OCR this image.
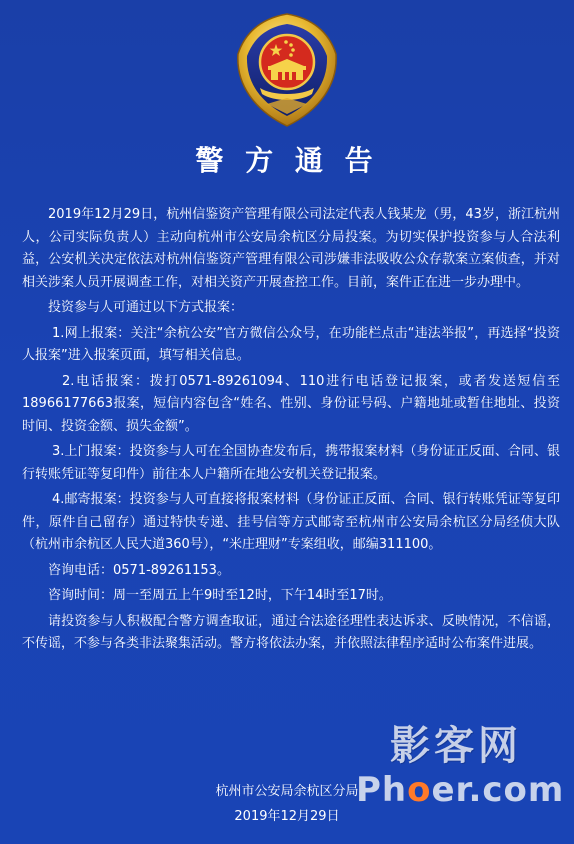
警 方 通 告

2019年12月29日，杭州信鉴资产管理有限公司法定代表人钱某龙（男，43岁，浙江杭州人，公司实际负责人）主动向杭州市公安局余杭区分局投案。为切实保护投资参与人合法利益，公安机关决定依法对杭州信鉴资产管理有限公司涉嫌非法吸收公众存款案立案侦查，并对相关涉案人员开展调查工作，对相关资产开展查控工作。目前，案件正在进一步办理中。

投资参与人可通过以下方式报案：

1.网上报案：关注“余杭公安”官方微信公众号，在功能栏点击“违法举报”，再选择“投资人报案”进入报案页面，填写相关信息。

2.电话报案：拨打0571-89261094、110进行电话登记报案，或者发送短信至18966177663报案，短信内容包含“姓名、性别、身份证号码、户籍地址或暂住地址、投资时间、投资金额、损失金额”。

3.上门报案：投资参与人可在全国协查发布后，携带报案材料（身份证正反面、合同、银行转账凭证等复印件）前往本人户籍所在地公安机关登记报案。

4.邮寄报案：投资参与人可直接将报案材料（身份证正反面、合同、银行转账凭证等复印件，原件自己留存）通过特快专递、挂号信等方式邮寄至杭州市公安局余杭区分局经侦大队（杭州市余杭区人民大道360号），“米庄理财”专案组收，邮编311100。

咨询电话：0571-89261153。

咨询时间：周一至周五上午9时至12时，下午14时至17时。

请投资参与人积极配合警方调查取证，通过合法途径理性表达诉求、反映情况，不信谣，不传谣，不参与各类非法聚集活动。警方将依法办案，并依照法律程序适时公布案件进展。

杭州市公安局余杭区分局
2019年12月29日
影客网
Phoer.com
